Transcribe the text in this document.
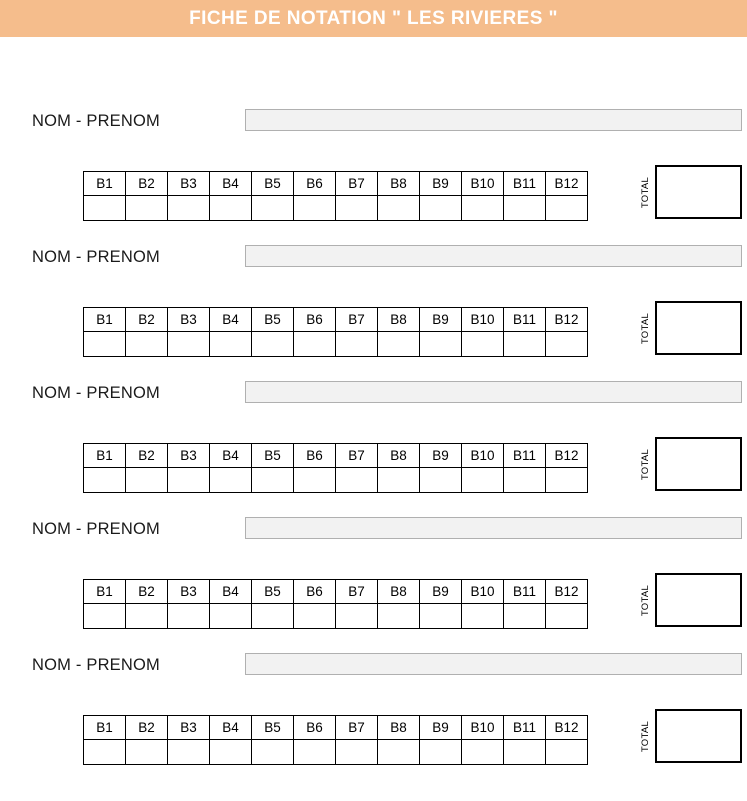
FICHE DE NOTATION " LES RIVIERES "
NOM - PRENOM
B1	B2	B3	B4	B5	B6	B7	B8	B9	B10	B11	B12
												TOTAL
NOM - PRENOM
B1	B2	B3	B4	B5	B6	B7	B8	B9	B10	B11	B12
												TOTAL
NOM - PRENOM
B1	B2	B3	B4	B5	B6	B7	B8	B9	B10	B11	B12
												TOTAL
NOM - PRENOM
B1	B2	B3	B4	B5	B6	B7	B8	B9	B10	B11	B12
												TOTAL
NOM - PRENOM
B1	B2	B3	B4	B5	B6	B7	B8	B9	B10	B11	B12
												TOTAL
